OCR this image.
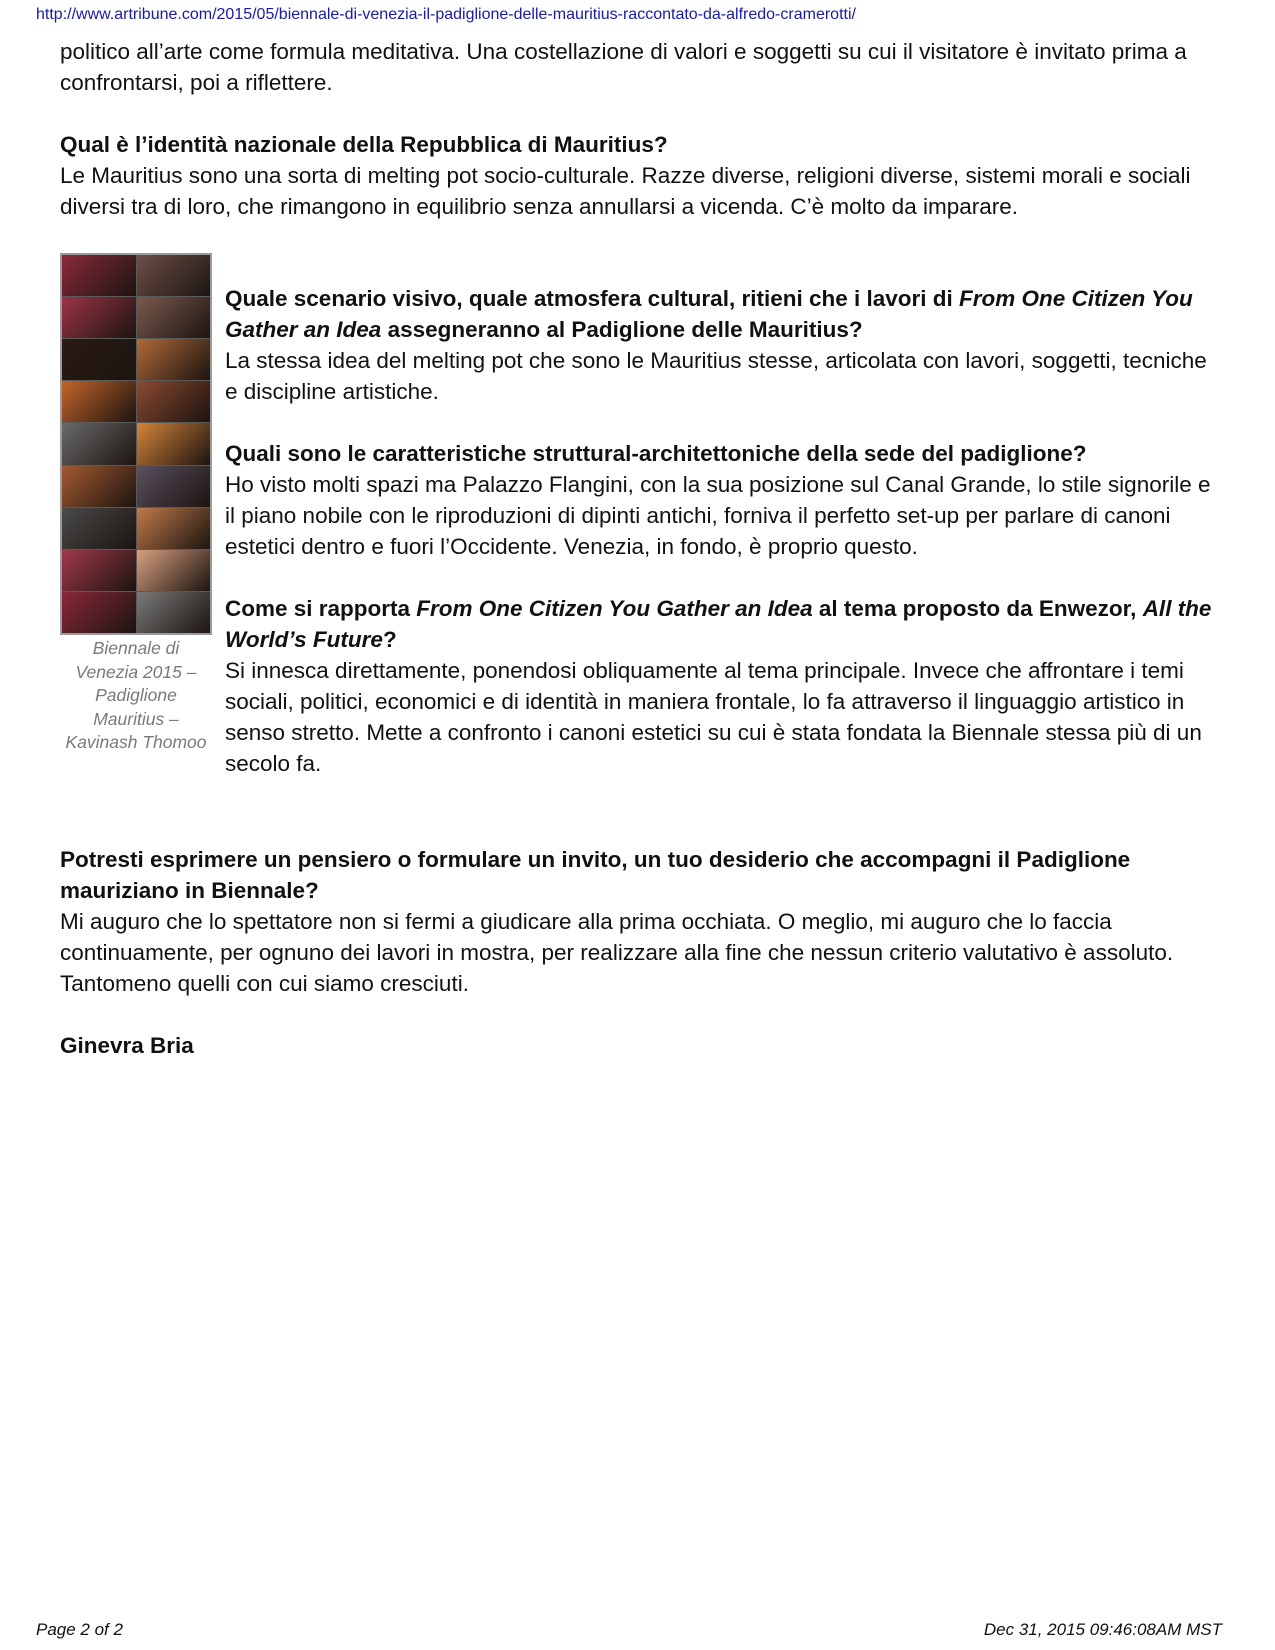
http://www.artribune.com/2015/05/biennale-di-venezia-il-padiglione-delle-mauritius-raccontato-da-alfredo-cramerotti/

politico all’arte come formula meditativa. Una costellazione di valori e soggetti su cui il visitatore è invitato prima a confrontarsi, poi a riflettere.

Qual è l’identità nazionale della Repubblica di Mauritius?

Le Mauritius sono una sorta di melting pot socio-culturale. Razze diverse, religioni diverse, sistemi morali e sociali diversi tra di loro, che rimangono in equilibrio senza annullarsi a vicenda. C’è molto da imparare.

Biennale di Venezia 2015 – Padiglione Mauritius – Kavinash Thomoo

Quale scenario visivo, quale atmosfera cultural, ritieni che i lavori di From One Citizen You Gather an Idea assegneranno al Padiglione delle Mauritius?

La stessa idea del melting pot che sono le Mauritius stesse, articolata con lavori, soggetti, tecniche e discipline artistiche.

Quali sono le caratteristiche struttural-architettoniche della sede del padiglione?

Ho visto molti spazi ma Palazzo Flangini, con la sua posizione sul Canal Grande, lo stile signorile e il piano nobile con le riproduzioni di dipinti antichi, forniva il perfetto set-up per parlare di canoni estetici dentro e fuori l’Occidente. Venezia, in fondo, è proprio questo.

Come si rapporta From One Citizen You Gather an Idea al tema proposto da Enwezor, All the World’s Future?

Si innesca direttamente, ponendosi obliquamente al tema principale. Invece che affrontare i temi sociali, politici, economici e di identità in maniera frontale, lo fa attraverso il linguaggio artistico in senso stretto. Mette a confronto i canoni estetici su cui è stata fondata la Biennale stessa più di un secolo fa.

Potresti esprimere un pensiero o formulare un invito, un tuo desiderio che accompagni il Padiglione mauriziano in Biennale?

Mi auguro che lo spettatore non si fermi a giudicare alla prima occhiata. O meglio, mi auguro che lo faccia continuamente, per ognuno dei lavori in mostra, per realizzare alla fine che nessun criterio valutativo è assoluto. Tantomeno quelli con cui siamo cresciuti.

Ginevra Bria

Page 2 of 2	Dec 31, 2015 09:46:08AM MST
